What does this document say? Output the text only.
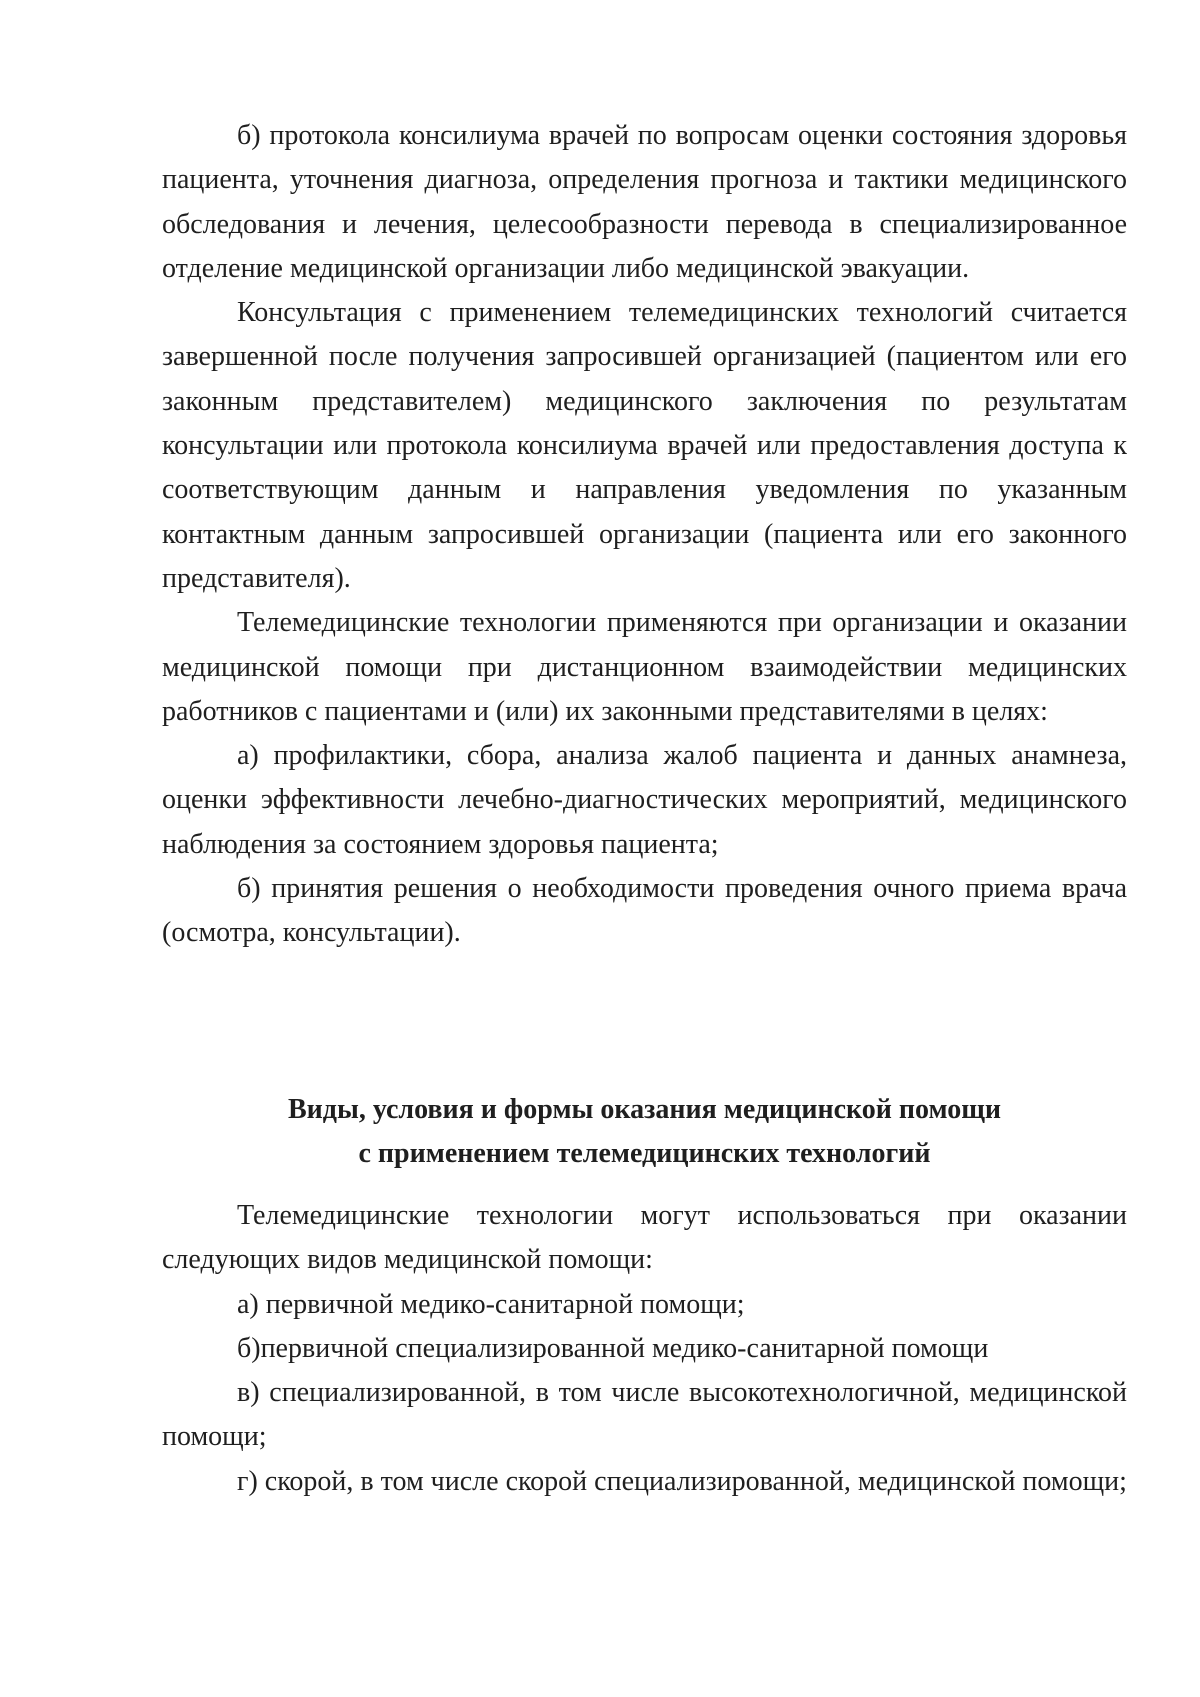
б) протокола консилиума врачей по вопросам оценки состояния здоровья пациента, уточнения диагноза, определения прогноза и тактики медицинского обследования и лечения, целесообразности перевода в специализированное отделение медицинской организации либо медицинской эвакуации.

Консультация с применением телемедицинских технологий считается завершенной после получения запросившей организацией (пациентом или его законным представителем) медицинского заключения по результатам консультации или протокола консилиума врачей или предоставления доступа к соответствующим данным и направления уведомления по указанным контактным данным запросившей организации (пациента или его законного представителя).

Телемедицинские технологии применяются при организации и оказании медицинской помощи при дистанционном взаимодействии медицинских работников с пациентами и (или) их законными представителями в целях:

а) профилактики, сбора, анализа жалоб пациента и данных анамнеза, оценки эффективности лечебно-диагностических мероприятий, медицинского наблюдения за состоянием здоровья пациента;

б) принятия решения о необходимости проведения очного приема врача (осмотра, консультации).

Виды, условия и формы оказания медицинской помощи
с применением телемедицинских технологий

Телемедицинские технологии могут использоваться при оказании следующих видов медицинской помощи:

а) первичной медико-санитарной помощи;

б)первичной специализированной медико-санитарной помощи

в) специализированной, в том числе высокотехнологичной, медицинской помощи;

г) скорой, в том числе скорой специализированной, медицинской помощи;
